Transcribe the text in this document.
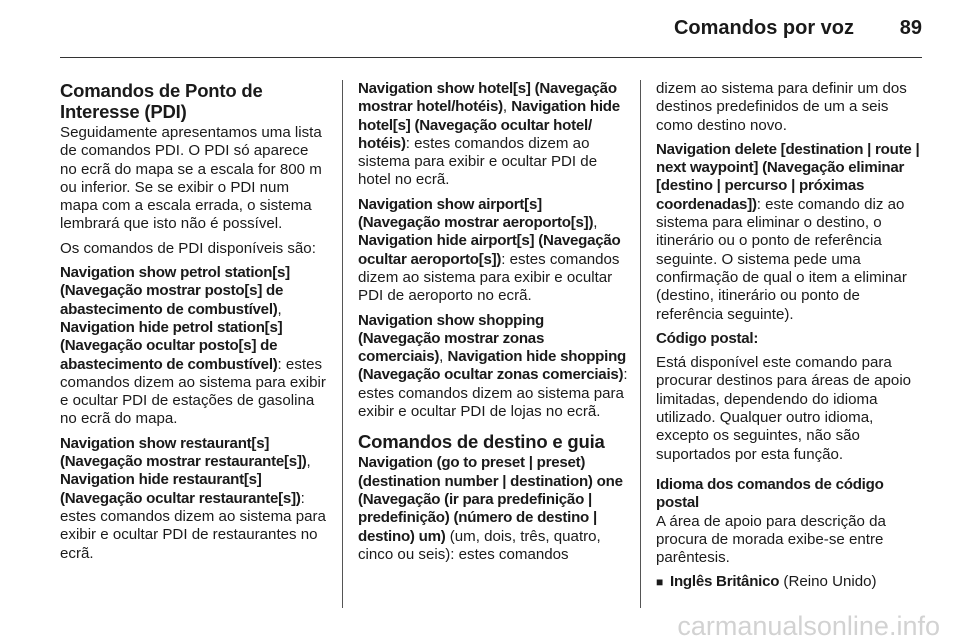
Comandos por voz	89
Comandos de Ponto de Interesse (PDI)

Seguidamente apresentamos uma lista de comandos PDI. O PDI só aparece no ecrã do mapa se a escala for 800 m ou inferior. Se se exibir o PDI num mapa com a escala errada, o sistema lembrará que isto não é possível.

Os comandos de PDI disponíveis são:

Navigation show petrol station[s] (Navegação mostrar posto[s] de abastecimento de combustível), Navigation hide petrol station[s] (Navegação ocultar posto[s] de abastecimento de combustível): estes comandos dizem ao sistema para exibir e ocultar PDI de estações de gasolina no ecrã do mapa.

Navigation show restaurant[s] (Navegação mostrar restaurante[s]), Navigation hide restaurant[s] (Navegação ocultar restaurante[s]): estes comandos dizem ao sistema para exibir e ocultar PDI de restaurantes no ecrã.

Navigation show hotel[s] (Navegação mostrar hotel/hotéis), Navigation hide hotel[s] (Navegação ocultar hotel/ hotéis): estes comandos dizem ao sistema para exibir e ocultar PDI de hotel no ecrã.

Navigation show airport[s] (Navegação mostrar aeroporto[s]), Navigation hide airport[s] (Navegação ocultar aeroporto[s]): estes comandos dizem ao sistema para exibir e ocultar PDI de aeroporto no ecrã.

Navigation show shopping (Navegação mostrar zonas comerciais), Navigation hide shopping (Navegação ocultar zonas comerciais): estes comandos dizem ao sistema para exibir e ocultar PDI de lojas no ecrã.

Comandos de destino e guia

Navigation (go to preset | preset) (destination number | destination) one (Navegação (ir para predefinição | predefinição) (número de destino | destino) um) (um, dois, três, quatro, cinco ou seis): estes comandos

dizem ao sistema para definir um dos destinos predefinidos de um a seis como destino novo.

Navigation delete [destination | route | next waypoint] (Navegação eliminar [destino | percurso | próximas coordenadas]): este comando diz ao sistema para eliminar o destino, o itinerário ou o ponto de referência seguinte. O sistema pede uma confirmação de qual o item a eliminar (destino, itinerário ou ponto de referência seguinte).

Código postal:

Está disponível este comando para procurar destinos para áreas de apoio limitadas, dependendo do idioma utilizado. Qualquer outro idioma, excepto os seguintes, não são suportados por esta função.

Idioma dos comandos de código postal

A área de apoio para descrição da procura de morada exibe-se entre parêntesis.

■ Inglês Britânico (Reino Unido)
carmanualsonline.info
